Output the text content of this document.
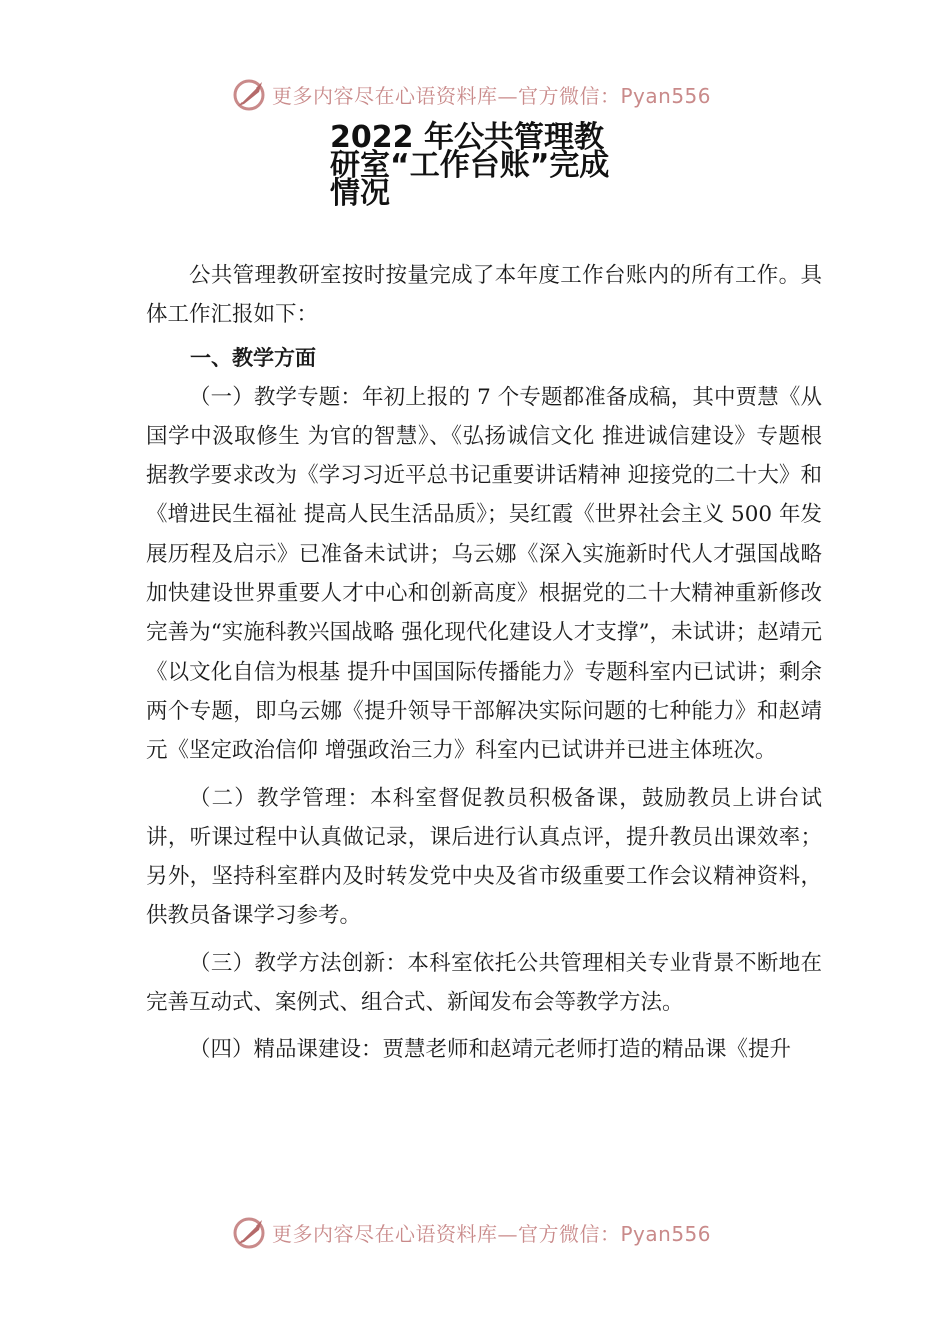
更多内容尽在心语资料库—官方微信：Pyan556
2022 年公共管理教研室“工作台账”完成情况

公共管理教研室按时按量完成了本年度工作台账内的所有工作。具体工作汇报如下：

一、教学方面

（一）教学专题：年初上报的 7 个专题都准备成稿，其中贾慧《从国学中汲取修生 为官的智慧》、《弘扬诚信文化 推进诚信建设》专题根据教学要求改为《学习习近平总书记重要讲话精神 迎接党的二十大》和《增进民生福祉 提高人民生活品质》；吴红霞《世界社会主义 500 年发展历程及启示》已准备未试讲；乌云娜《深入实施新时代人才强国战略 加快建设世界重要人才中心和创新高度》根据党的二十大精神重新修改完善为“实施科教兴国战略 强化现代化建设人才支撑”，未试讲；赵靖元《以文化自信为根基 提升中国国际传播能力》专题科室内已试讲；剩余两个专题，即乌云娜《提升领导干部解决实际问题的七种能力》和赵靖元《坚定政治信仰 增强政治三力》科室内已试讲并已进主体班次。

（二）教学管理：本科室督促教员积极备课，鼓励教员上讲台试讲，听课过程中认真做记录，课后进行认真点评，提升教员出课效率；另外，坚持科室群内及时转发党中央及省市级重要工作会议精神资料，供教员备课学习参考。

（三）教学方法创新：本科室依托公共管理相关专业背景不断地在完善互动式、案例式、组合式、新闻发布会等教学方法。

（四）精品课建设：贾慧老师和赵靖元老师打造的精品课《提升

更多内容尽在心语资料库—官方微信：Pyan556
